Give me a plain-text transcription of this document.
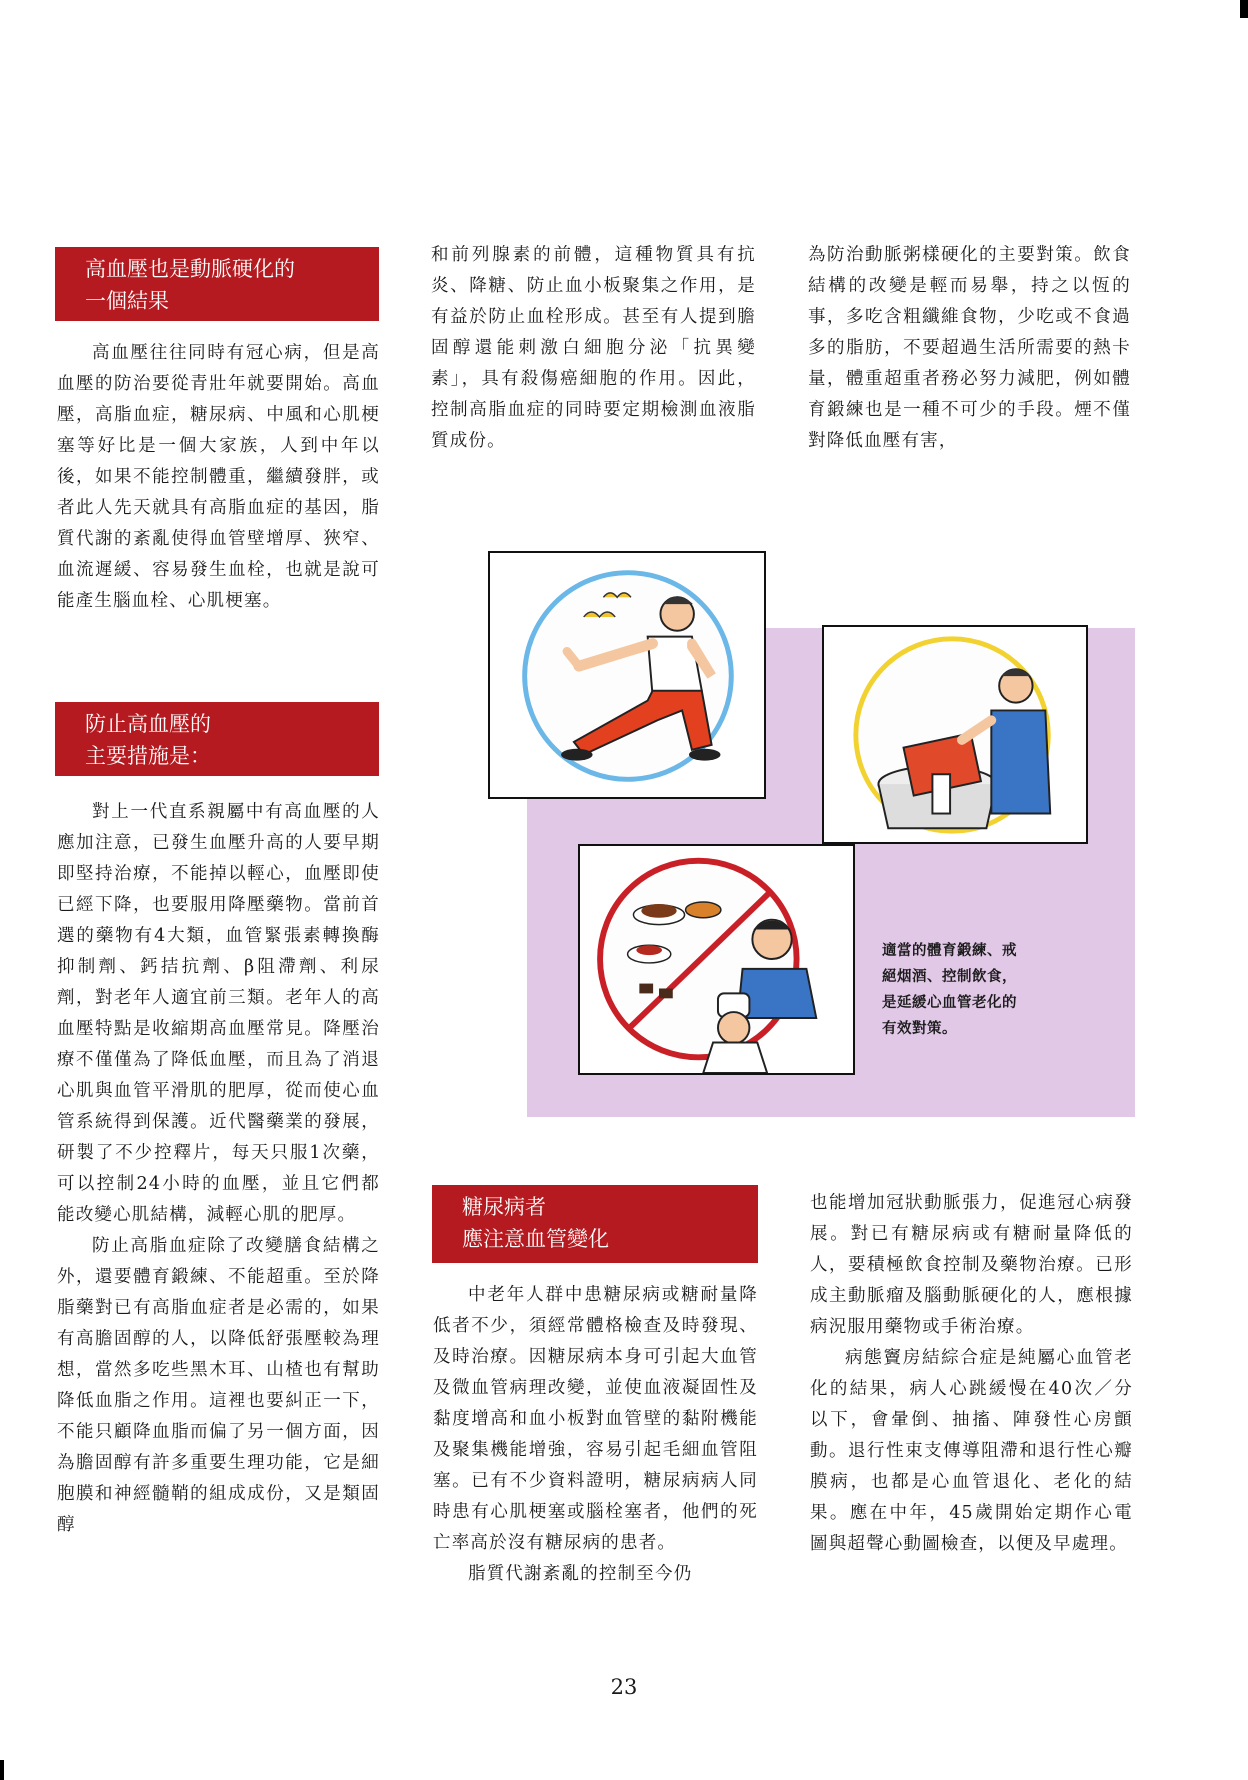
高血壓也是動脈硬化的
一個結果

高血壓往往同時有冠心病，但是高血壓的防治要從青壯年就要開始。高血壓，高脂血症，糖尿病、中風和心肌梗塞等好比是一個大家族，人到中年以後，如果不能控制體重，繼續發胖，或者此人先天就具有高脂血症的基因，脂質代謝的紊亂使得血管壁增厚、狹窄、血流遲緩、容易發生血栓，也就是說可能產生腦血栓、心肌梗塞。

防止高血壓的
主要措施是：

對上一代直系親屬中有高血壓的人應加注意，已發生血壓升高的人要早期即堅持治療，不能掉以輕心，血壓即使已經下降，也要服用降壓藥物。當前首選的藥物有4大類，血管緊張素轉換酶抑制劑、鈣拮抗劑、β阻滯劑、利尿劑，對老年人適宜前三類。老年人的高血壓特點是收縮期高血壓常見。降壓治療不僅僅為了降低血壓，而且為了消退心肌與血管平滑肌的肥厚，從而使心血管系統得到保護。近代醫藥業的發展，研製了不少控釋片，每天只服1次藥，可以控制24小時的血壓，並且它們都能改變心肌結構，減輕心肌的肥厚。

防止高脂血症除了改變膳食結構之外，還要體育鍛練、不能超重。至於降脂藥對已有高脂血症者是必需的，如果有高膽固醇的人，以降低舒張壓較為理想，當然多吃些黑木耳、山楂也有幫助降低血脂之作用。這裡也要糾正一下，不能只顧降血脂而偏了另一個方面，因為膽固醇有許多重要生理功能，它是細胞膜和神經髓鞘的組成成份，又是類固醇

和前列腺素的前體，這種物質具有抗炎、降糖、防止血小板聚集之作用，是有益於防止血栓形成。甚至有人提到膽固醇還能刺激白細胞分泌「抗異變素」，具有殺傷癌細胞的作用。因此，控制高脂血症的同時要定期檢測血液脂質成份。

為防治動脈粥樣硬化的主要對策。飲食結構的改變是輕而易舉，持之以恆的事，多吃含粗纖維食物，少吃或不食過多的脂肪，不要超過生活所需要的熱卡量，體重超重者務必努力減肥，例如體育鍛練也是一種不可少的手段。煙不僅對降低血壓有害，

適當的體育鍛練、戒
絕烟酒、控制飲食，
是延緩心血管老化的
有效對策。
糖尿病者
應注意血管變化

中老年人群中患糖尿病或糖耐量降低者不少，須經常體格檢查及時發現、及時治療。因糖尿病本身可引起大血管及微血管病理改變，並使血液凝固性及黏度增高和血小板對血管壁的黏附機能及聚集機能增強，容易引起毛細血管阻塞。已有不少資料證明，糖尿病病人同時患有心肌梗塞或腦栓塞者，他們的死亡率高於沒有糖尿病的患者。

脂質代謝紊亂的控制至今仍

也能增加冠狀動脈張力，促進冠心病發展。對已有糖尿病或有糖耐量降低的人，要積極飲食控制及藥物治療。已形成主動脈瘤及腦動脈硬化的人，應根據病況服用藥物或手術治療。

病態竇房結綜合症是純屬心血管老化的結果，病人心跳緩慢在40次／分以下，會暈倒、抽搐、陣發性心房顫動。退行性束支傳導阻滯和退行性心瓣膜病，也都是心血管退化、老化的結果。應在中年，45歲開始定期作心電圖與超聲心動圖檢查，以便及早處理。

23
